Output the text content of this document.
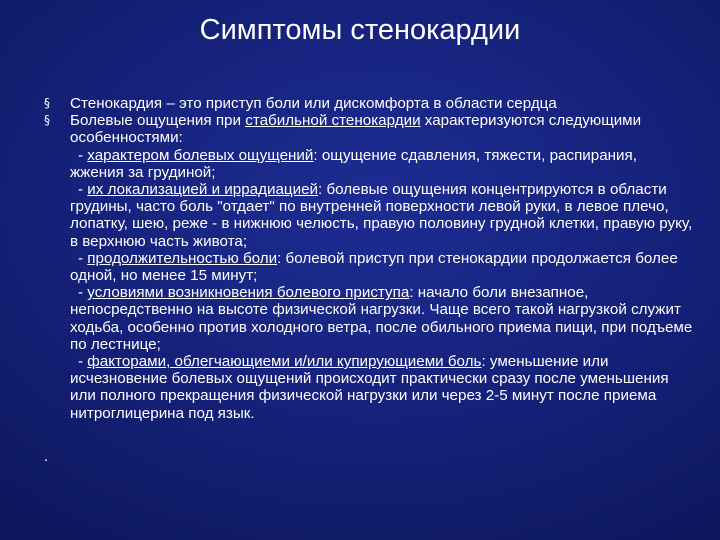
Симптомы стенокардии
§ Стенокардия – это приступ боли или дискомфорта в области сердца
§ Болевые ощущения при стабильной стенокардии характеризуются следующими особенностями:
- характером болевых ощущений: ощущение сдавления, тяжести, распирания, жжения за грудиной;
- их локализацией и иррадиацией: болевые ощущения концентрируются в области грудины, часто боль "отдает" по внутренней поверхности левой руки, в левое плечо, лопатку, шею, реже - в нижнюю челюсть, правую половину грудной клетки, правую руку, в верхнюю часть живота;
- продолжительностью боли: болевой приступ при стенокардии продолжается более одной, но менее 15 минут;
- условиями возникновения болевого приступа: начало боли внезапное, непосредственно на высоте физической нагрузки. Чаще всего такой нагрузкой служит ходьба, особенно против холодного ветра, после обильного приема пищи, при подъеме по лестнице;
- факторами, облегчающиеми и/или купирующиеми боль: уменьшение или исчезновение болевых ощущений происходит практически сразу после уменьшения или полного прекращения физической нагрузки или через 2-5 минут после приема нитроглицерина под язык.
.
